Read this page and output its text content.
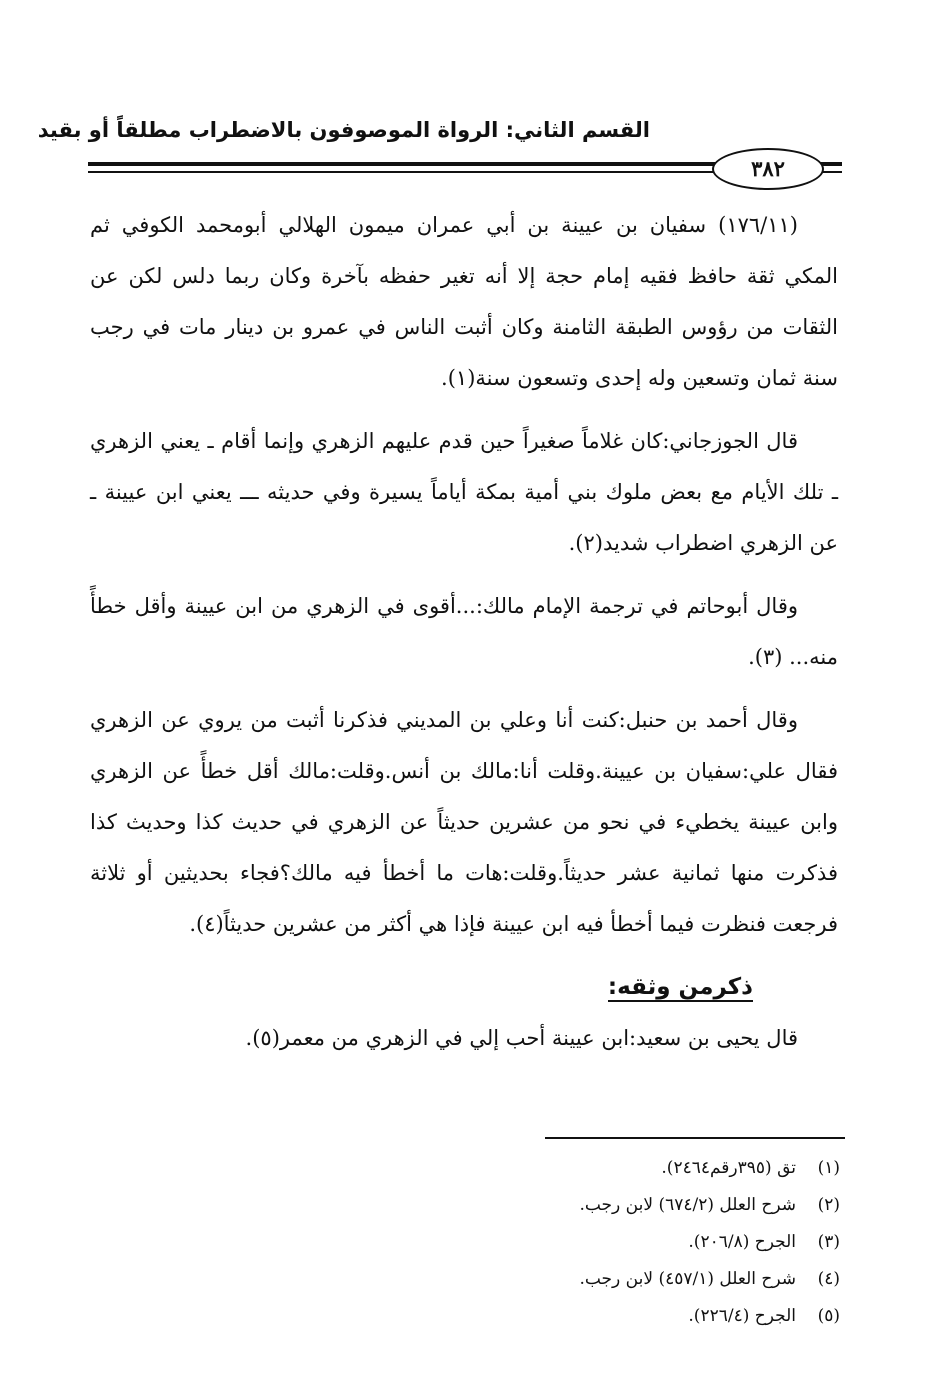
القسم الثاني: الرواة الموصوفون بالاضطراب مطلقاً أو بقيد
٣٨٢

(١٧٦/١١) سفيان بن عيينة بن أبي عمران ميمون الهلالي أبومحمد الكوفي ثم المكي ثقة حافظ فقيه إمام حجة إلا أنه تغير حفظه بآخرة وكان ربما دلس لكن عن الثقات من رؤوس الطبقة الثامنة وكان أثبت الناس في عمرو بن دينار مات في رجب سنة ثمان وتسعين وله إحدى وتسعون سنة(١).

قال الجوزجاني:كان غلاماً صغيراً حين قدم عليهم الزهري وإنما أقام ـ يعني الزهري ـ تلك الأيام مع بعض ملوك بني أمية بمكة أياماً يسيرة وفي حديثه ـــ يعني ابن عيينة ـ عن الزهري اضطراب شديد(٢).

وقال أبوحاتم في ترجمة الإمام مالك:...أقوى في الزهري من ابن عيينة وأقل خطأً منه... (٣).

وقال أحمد بن حنبل:كنت أنا وعلي بن المديني فذكرنا أثبت من يروي عن الزهري فقال علي:سفيان بن عيينة.وقلت أنا:مالك بن أنس.وقلت:مالك أقل خطأً عن الزهري وابن عيينة يخطيء في نحو من عشرين حديثاً عن الزهري في حديث كذا وحديث كذا فذكرت منها ثمانية عشر حديثاً.وقلت:هات ما أخطأ فيه مالك؟فجاء بحديثين أو ثلاثة فرجعت فنظرت فيما أخطأ فيه ابن عيينة فإذا هي أكثر من عشرين حديثاً(٤).

ذكرمن وثقه:

قال يحيى بن سعيد:ابن عيينة أحب إلي في الزهري من معمر(٥).

(١)تق (٣٩٥رقم٢٤٦٤).
(٢)شرح العلل (٦٧٤/٢) لابن رجب.
(٣)الجرح (٢٠٦/٨).
(٤)شرح العلل (٤٥٧/١) لابن رجب.
(٥)الجرح (٢٢٦/٤).
